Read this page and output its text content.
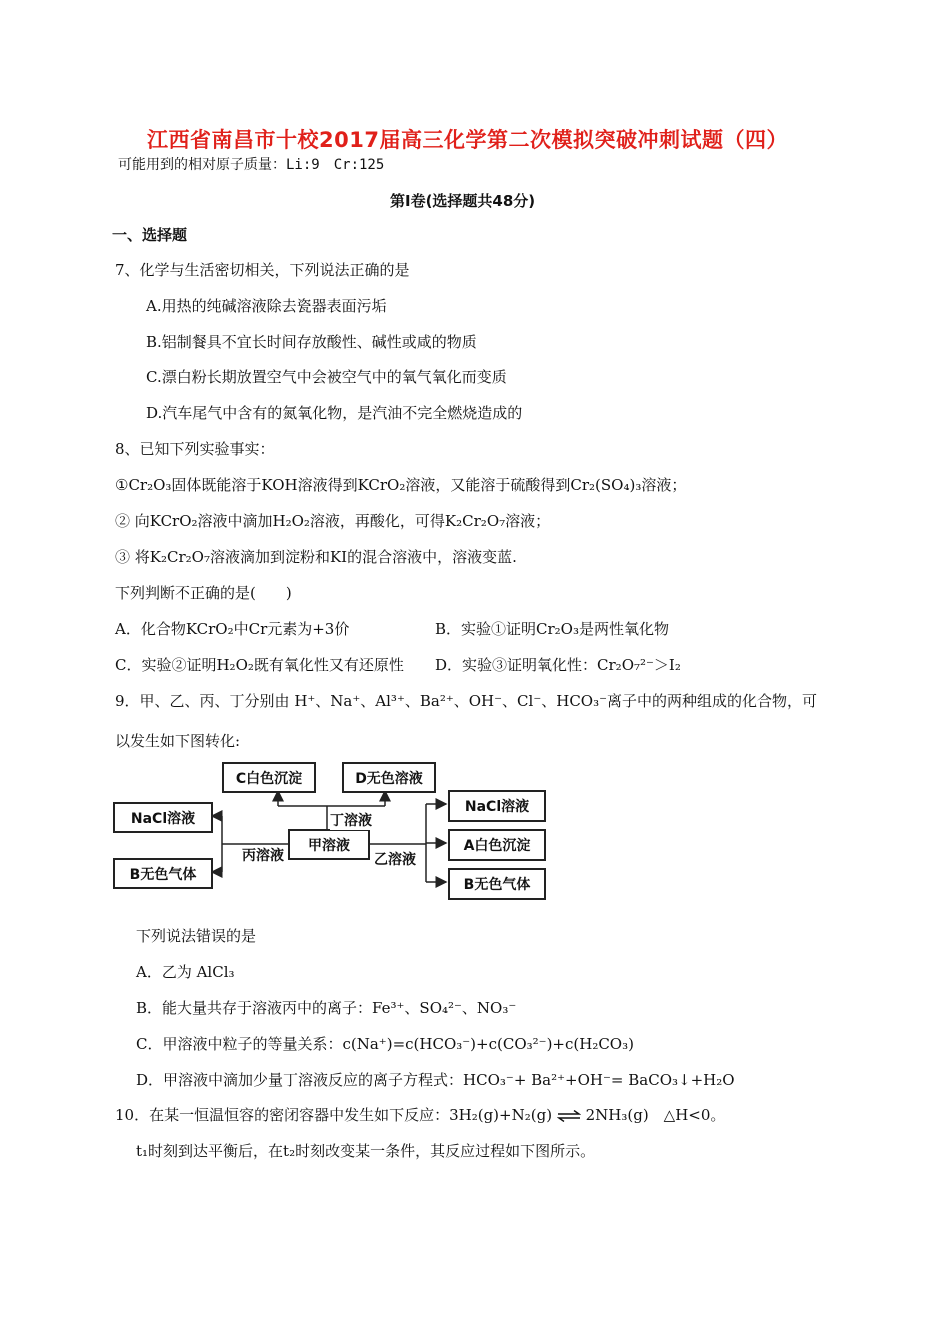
江西省南昌市十校2017届高三化学第二次模拟突破冲刺试题（四）
可能用到的相对原子质量：Li:9　Cr:125
第Ⅰ卷(选择题共48分)
一、选择题
7、化学与生活密切相关，下列说法正确的是
A.用热的纯碱溶液除去瓷器表面污垢
B.铝制餐具不宜长时间存放酸性、碱性或咸的物质
C.漂白粉长期放置空气中会被空气中的氧气氧化而变质
D.汽车尾气中含有的氮氧化物，是汽油不完全燃烧造成的
8、已知下列实验事实：
①Cr₂O₃固体既能溶于KOH溶液得到KCrO₂溶液，又能溶于硫酸得到Cr₂(SO₄)₃溶液；
② 向KCrO₂溶液中滴加H₂O₂溶液，再酸化，可得K₂Cr₂O₇溶液；
③ 将K₂Cr₂O₇溶液滴加到淀粉和KI的混合溶液中，溶液变蓝.
下列判断不正确的是(　　)
A．化合物KCrO₂中Cr元素为+3价	B．实验①证明Cr₂O₃是两性氧化物
C．实验②证明H₂O₂既有氧化性又有还原性 D．实验③证明氧化性：Cr₂O₇²⁻＞I₂
9．甲、乙、丙、丁分别由 H⁺、Na⁺、Al³⁺、Ba²⁺、OH⁻、Cl⁻、HCO₃⁻离子中的两种组成的化合物，可
以发生如下图转化:
C白色沉淀	D无色溶液
NaCl溶液
B无色气体
甲溶液
丙溶液
丁溶液
乙溶液
NaCl溶液
A白色沉淀
B无色气体
下列说法错误的是
A．乙为 AlCl₃
B．能大量共存于溶液丙中的离子：Fe³⁺、SO₄²⁻、NO₃⁻
C．甲溶液中粒子的等量关系：c(Na⁺)=c(HCO₃⁻)+c(CO₃²⁻)+c(H₂CO₃)
D．甲溶液中滴加少量丁溶液反应的离子方程式：HCO₃⁻+ Ba²⁺+OH⁻= BaCO₃↓+H₂O
10．在某一恒温恒容的密闭容器中发生如下反应：3H₂(g)+N₂(g) ⇌ 2NH₃(g)　△H<0。
t₁时刻到达平衡后，在t₂时刻改变某一条件，其反应过程如下图所示。
